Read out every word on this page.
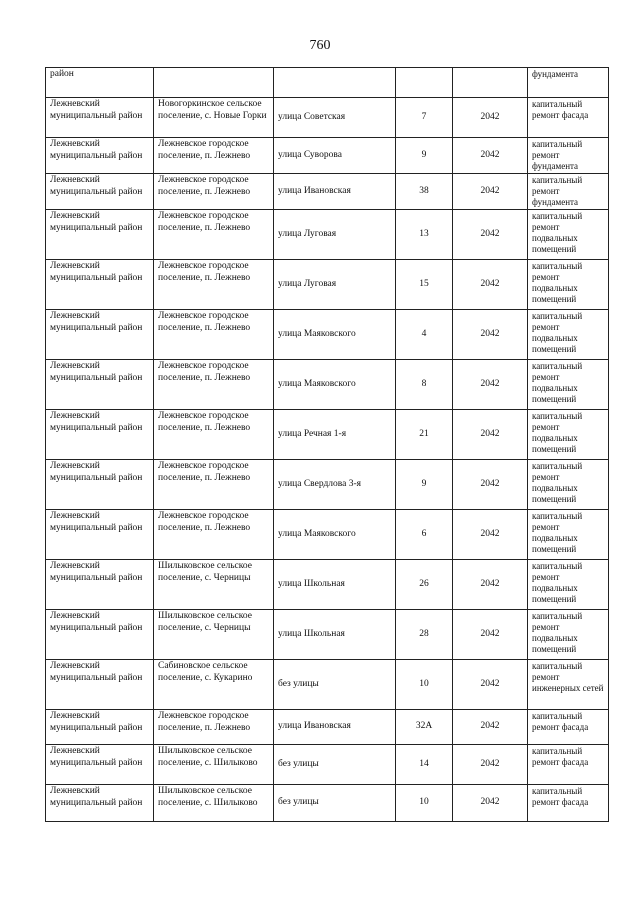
760
район					фундамента
Лежневский муниципальный район	Новогоркинское сельское поселение, с. Новые Горки	улица Советская	7	2042	капитальный ремонт фасада
Лежневский муниципальный район	Лежневское городское поселение, п. Лежнево	улица Суворова	9	2042	капитальный ремонт фундамента
Лежневский муниципальный район	Лежневское городское поселение, п. Лежнево	улица Ивановская	38	2042	капитальный ремонт фундамента
Лежневский муниципальный район	Лежневское городское поселение, п. Лежнево	улица Луговая	13	2042	капитальный ремонт подвальных помещений
Лежневский муниципальный район	Лежневское городское поселение, п. Лежнево	улица Луговая	15	2042	капитальный ремонт подвальных помещений
Лежневский муниципальный район	Лежневское городское поселение, п. Лежнево	улица Маяковского	4	2042	капитальный ремонт подвальных помещений
Лежневский муниципальный район	Лежневское городское поселение, п. Лежнево	улица Маяковского	8	2042	капитальный ремонт подвальных помещений
Лежневский муниципальный район	Лежневское городское поселение, п. Лежнево	улица Речная 1-я	21	2042	капитальный ремонт подвальных помещений
Лежневский муниципальный район	Лежневское городское поселение, п. Лежнево	улица Свердлова 3-я	9	2042	капитальный ремонт подвальных помещений
Лежневский муниципальный район	Лежневское городское поселение, п. Лежнево	улица Маяковского	6	2042	капитальный ремонт подвальных помещений
Лежневский муниципальный район	Шилыковское сельское поселение, с. Черницы	улица Школьная	26	2042	капитальный ремонт подвальных помещений
Лежневский муниципальный район	Шилыковское сельское поселение, с. Черницы	улица Школьная	28	2042	капитальный ремонт подвальных помещений
Лежневский муниципальный район	Сабиновское сельское поселение, с. Кукарино	без улицы	10	2042	капитальный ремонт инженерных сетей
Лежневский муниципальный район	Лежневское городское поселение, п. Лежнево	улица Ивановская	32А	2042	капитальный ремонт фасада
Лежневский муниципальный район	Шилыковское сельское поселение, с. Шилыково	без улицы	14	2042	капитальный ремонт фасада
Лежневский муниципальный район	Шилыковское сельское поселение, с. Шилыково	без улицы	10	2042	капитальный ремонт фасада
